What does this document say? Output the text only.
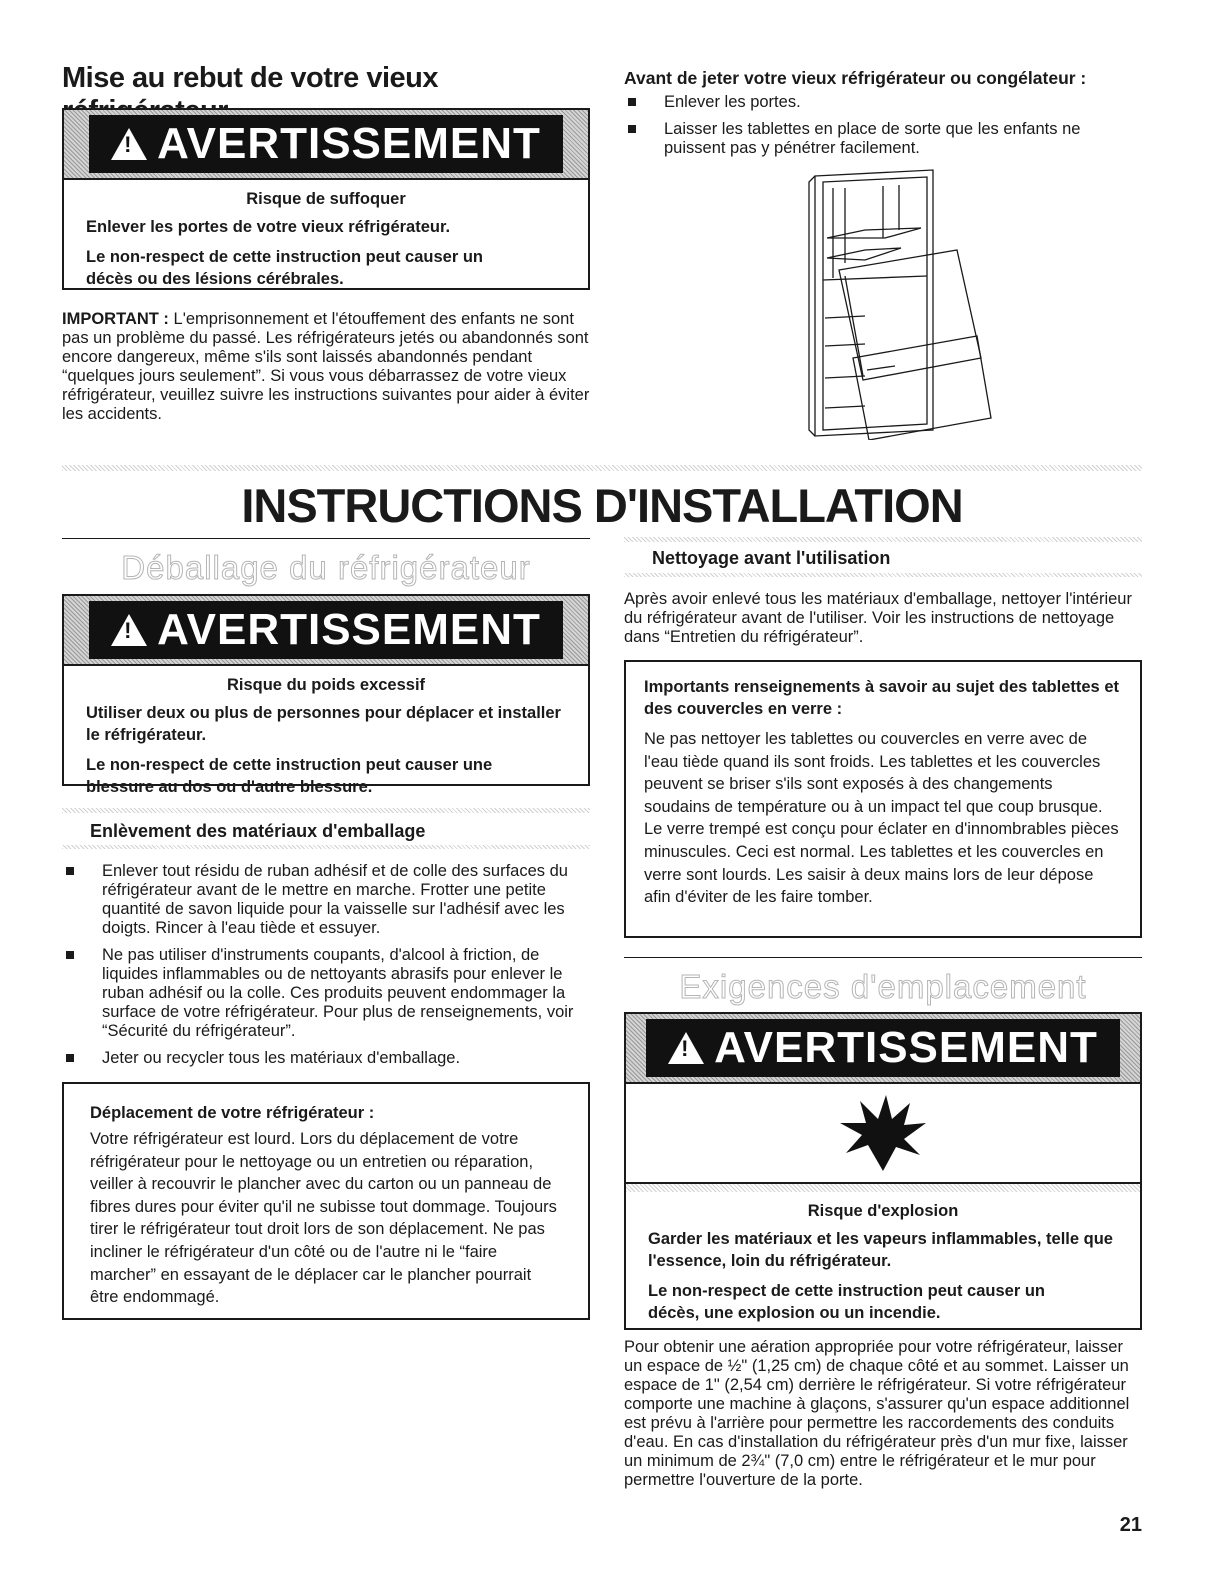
Mise au rebut de votre vieux
!
AVERTISSEMENT
Risque de suffoquer

Enlever les portes de votre vieux réfrigérateur.

Le non-respect de cette instruction peut causer un décès ou des lésions cérébrales.

IMPORTANT : L'emprisonnement et l'étouffement des enfants ne sont pas un problème du passé. Les réfrigérateurs jetés ou abandonnés sont encore dangereux, même s'ils sont laissés abandonnés pendant “quelques jours seulement”. Si vous vous débarrassez de votre vieux réfrigérateur, veuillez suivre les instructions suivantes pour aider à éviter les accidents.
Avant de jeter votre vieux réfrigérateur ou congélateur :
Enlever les portes.
Laisser les tablettes en place de sorte que les enfants ne puissent pas y pénétrer facilement.
INSTRUCTIONS D'INSTALLATION
Déballage du réfrigérateur
!
AVERTISSEMENT
Risque du poids excessif

Utiliser deux ou plus de personnes pour déplacer et installer le réfrigérateur.

Le non-respect de cette instruction peut causer une blessure au dos ou d'autre blessure.

Enlèvement des matériaux d'emballage
Enlever tout résidu de ruban adhésif et de colle des surfaces du réfrigérateur avant de le mettre en marche. Frotter une petite quantité de savon liquide pour la vaisselle sur l'adhésif avec les doigts. Rincer à l'eau tiède et essuyer.
Ne pas utiliser d'instruments coupants, d'alcool à friction, de liquides inflammables ou de nettoyants abrasifs pour enlever le ruban adhésif ou la colle. Ces produits peuvent endommager la surface de votre réfrigérateur. Pour plus de renseignements, voir “Sécurité du réfrigérateur”.
Jeter ou recycler tous les matériaux d'emballage.
Déplacement de votre réfrigérateur :
Votre réfrigérateur est lourd. Lors du déplacement de votre réfrigérateur pour le nettoyage ou un entretien ou réparation, veiller à recouvrir le plancher avec du carton ou un panneau de fibres dures pour éviter qu'il ne subisse tout dommage. Toujours tirer le réfrigérateur tout droit lors de son déplacement. Ne pas incliner le réfrigérateur d'un côté ou de l'autre ni le “faire marcher” en essayant de le déplacer car le plancher pourrait être endommagé.
Nettoyage avant l'utilisation
Après avoir enlevé tous les matériaux d'emballage, nettoyer l'intérieur du réfrigérateur avant de l'utiliser. Voir les instructions de nettoyage dans “Entretien du réfrigérateur”.
Importants renseignements à savoir au sujet des tablettes et des couvercles en verre :
Ne pas nettoyer les tablettes ou couvercles en verre avec de l'eau tiède quand ils sont froids. Les tablettes et les couvercles peuvent se briser s'ils sont exposés à des changements soudains de température ou à un impact tel que coup brusque. Le verre trempé est conçu pour éclater en d'innombrables pièces minuscules. Ceci est normal. Les tablettes et les couvercles en verre sont lourds. Les saisir à deux mains lors de leur dépose afin d'éviter de les faire tomber.
Exigences d'emplacement
!
AVERTISSEMENT
Risque d'explosion

Garder les matériaux et les vapeurs inflammables, telle que l'essence, loin du réfrigérateur.

Le non-respect de cette instruction peut causer un décès, une explosion ou un incendie.

Pour obtenir une aération appropriée pour votre réfrigérateur, laisser un espace de ½" (1,25 cm) de chaque côté et au sommet. Laisser un espace de 1" (2,54 cm) derrière le réfrigérateur. Si votre réfrigérateur comporte une machine à glaçons, s'assurer qu'un espace additionnel est prévu à l'arrière pour permettre les raccordements des conduits d'eau. En cas d'installation du réfrigérateur près d'un mur fixe, laisser un minimum de 2¾" (7,0 cm) entre le réfrigérateur et le mur pour permettre l'ouverture de la porte.
21
